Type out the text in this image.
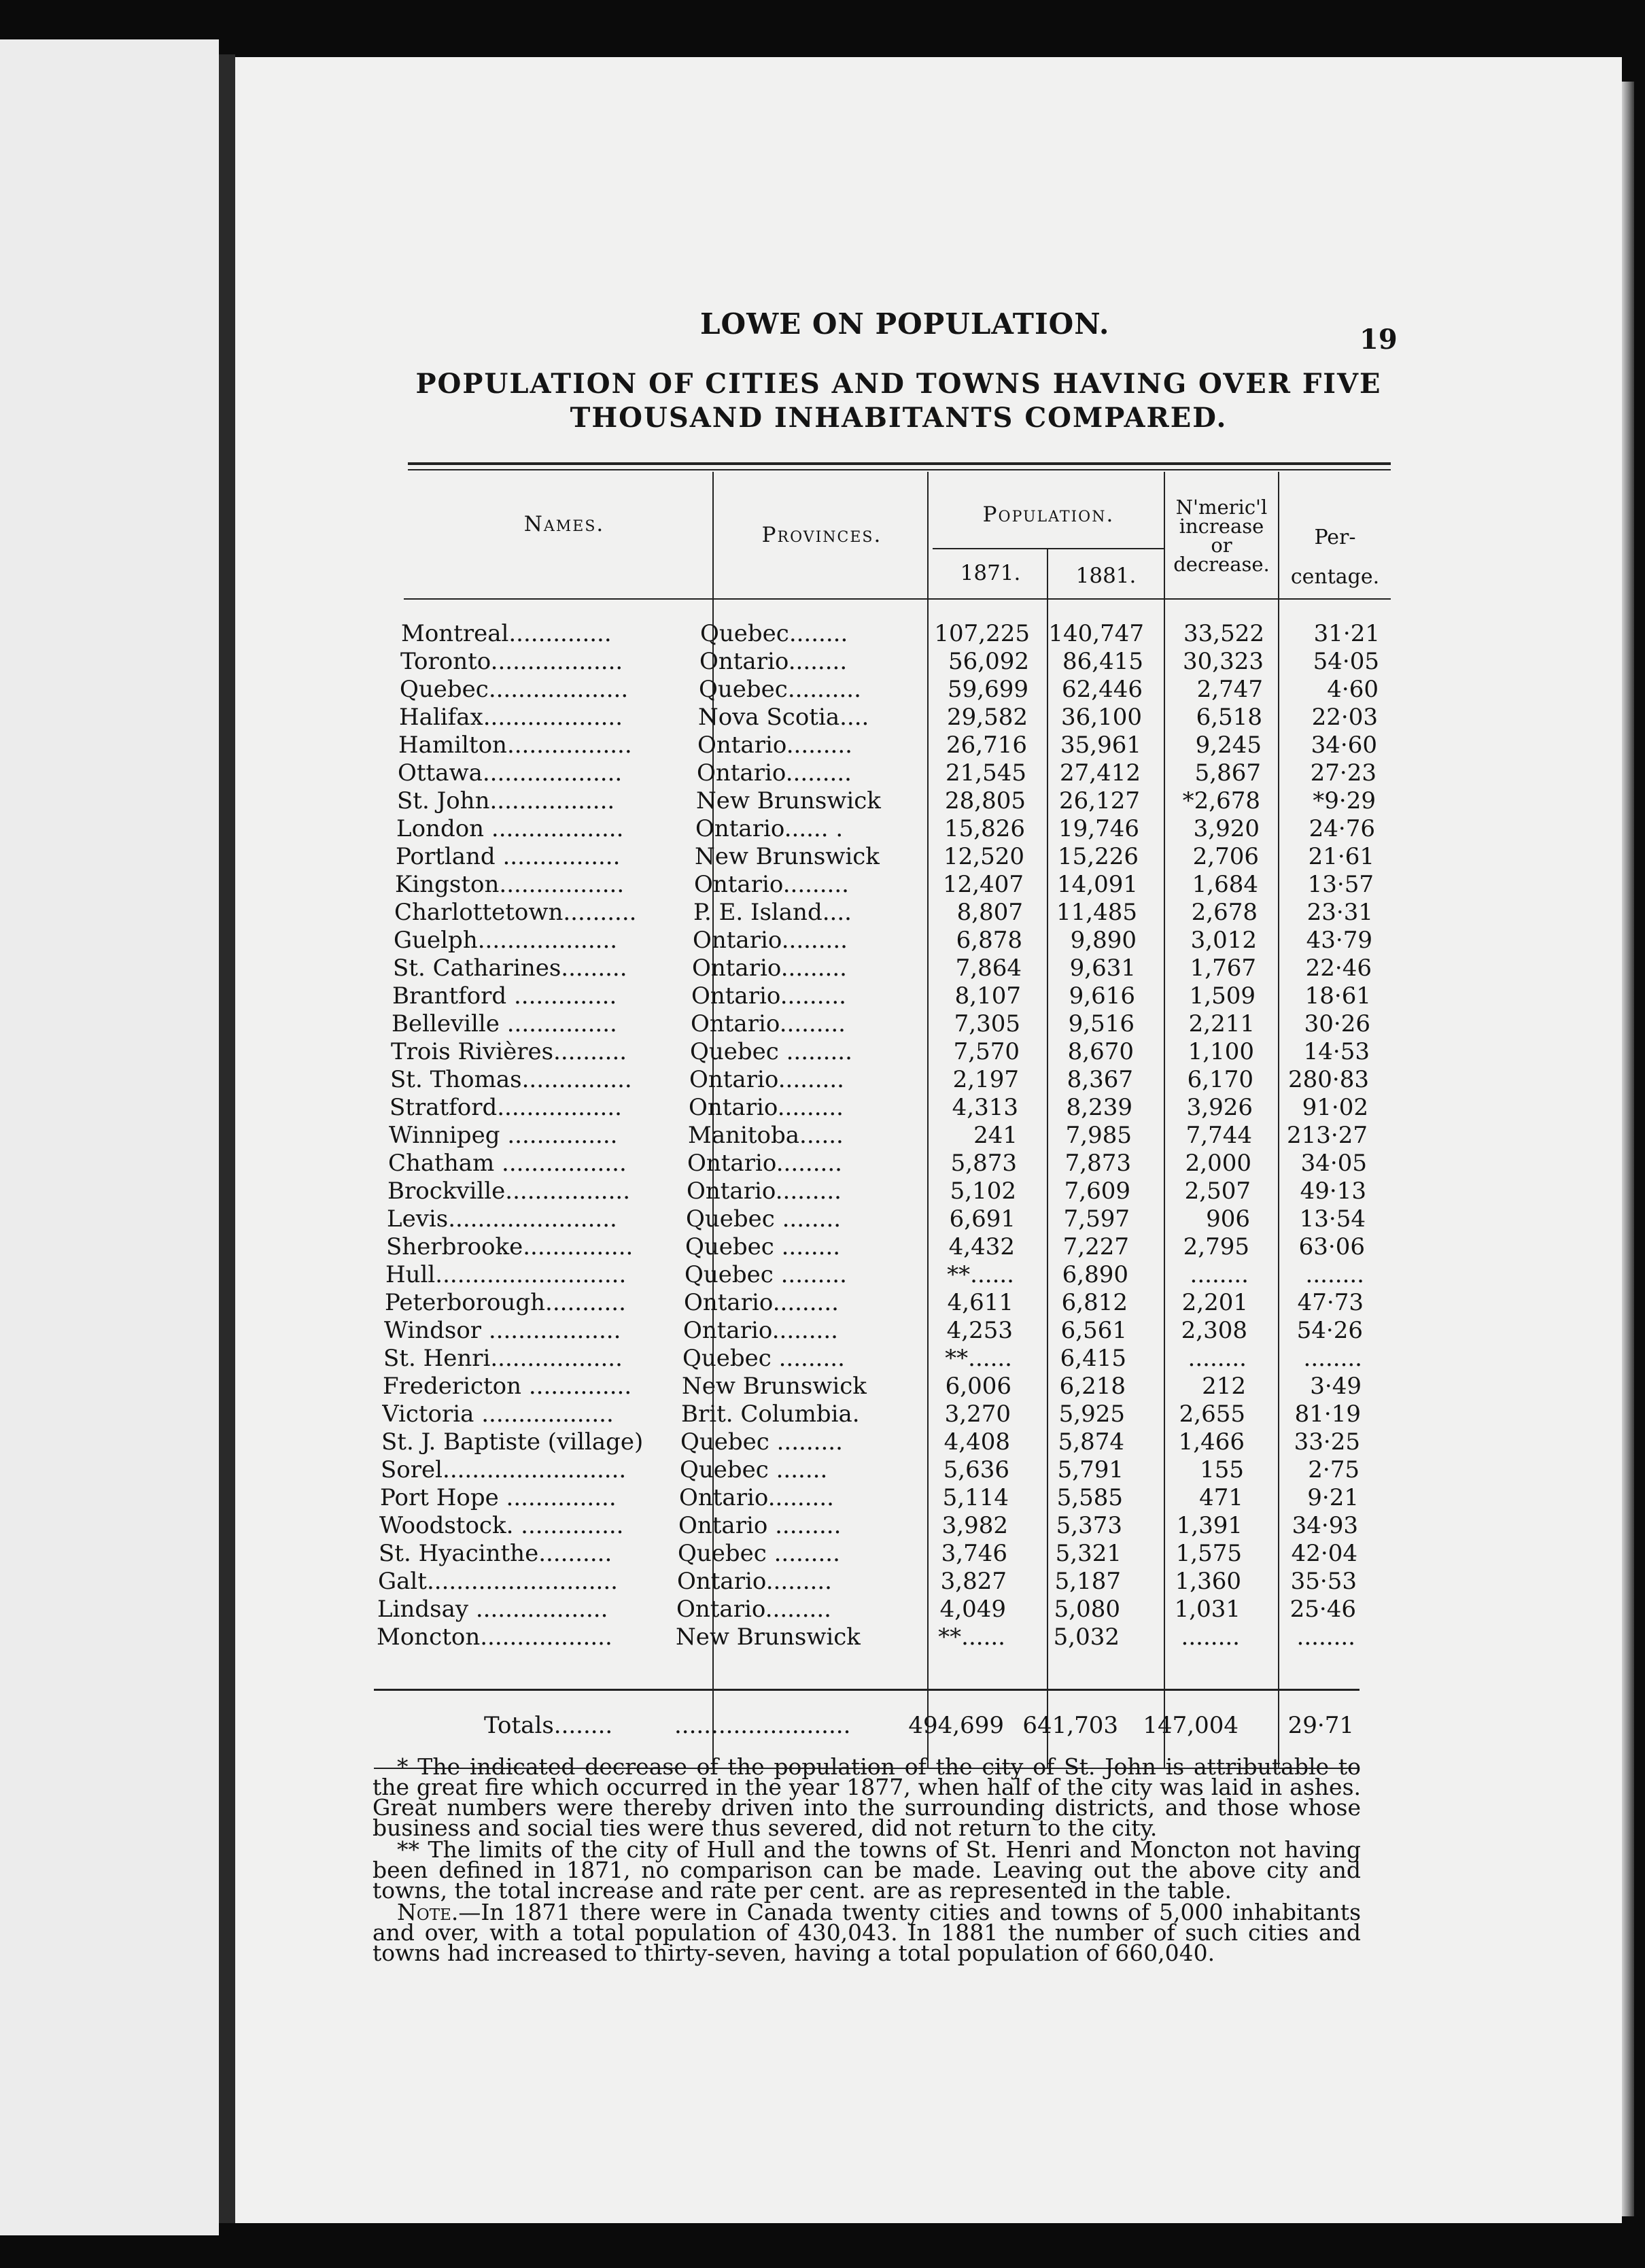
LOWE ON POPULATION.	19
POPULATION OF CITIES AND TOWNS HAVING OVER FIVE
THOUSAND INHABITANTS COMPARED.
Names.	Provinces.
Population.
1871.	1881.
N'meric'l
increase
or
decrease.
Per-
centage.
Montreal..............	Quebec........	107,225 140,747	33,522	31·21
Toronto..................	Ontario........	56,092	86,415	30,323	54·05
Quebec...................	Quebec..........	59,699	62,446	2,747	4·60
Halifax...................	Nova Scotia....	29,582	36,100	6,518	22·03
Hamilton.................	Ontario.........	26,716	35,961	9,245	34·60
Ottawa...................	Ontario.........	21,545	27,412	5,867	27·23
St. John.................	New Brunswick	28,805	26,127	*2,678	*9·29
London ..................	Ontario...... .	15,826	19,746	3,920	24·76
Portland ................	New Brunswick	12,520	15,226	2,706	21·61
Kingston.................	Ontario.........	12,407	14,091	1,684	13·57
Charlottetown..........	P. E. Island....	8,807	11,485	2,678	23·31
Guelph...................	Ontario.........	6,878	9,890	3,012	43·79
St. Catharines.........	Ontario.........	7,864	9,631	1,767	22·46
Brantford ..............	Ontario.........	8,107	9,616	1,509	18·61
Belleville ...............	Ontario.........	7,305	9,516	2,211	30·26
Trois Rivières..........	Quebec .........	7,570	8,670	1,100	14·53
St. Thomas...............	Ontario.........	2,197	8,367	6,170	280·83
Stratford.................	Ontario.........	4,313	8,239	3,926	91·02
Winnipeg ...............	Manitoba......	241	7,985	7,744	213·27
Chatham .................	Ontario.........	5,873	7,873	2,000	34·05
Brockville.................	Ontario.........	5,102	7,609	2,507	49·13
Levis.......................	Quebec ........	6,691	7,597	906	13·54
Sherbrooke...............	Quebec ........	4,432	7,227	2,795	63·06
Hull..........................	Quebec .........	**......	6,890	........	........
Peterborough...........	Ontario.........	4,611	6,812	2,201	47·73
Windsor ..................	Ontario.........	4,253	6,561	2,308	54·26
St. Henri..................	Quebec .........	**......	6,415	........	........
Fredericton ..............	New Brunswick	6,006	6,218	212	3·49
Victoria ..................	Brit. Columbia.	3,270	5,925	2,655	81·19
St. J. Baptiste (village)	Quebec .........	4,408	5,874	1,466	33·25
Sorel.........................	Quebec .......	5,636	5,791	155	2·75
Port Hope ...............	Ontario.........	5,114	5,585	471	9·21
Woodstock. ..............	Ontario .........	3,982	5,373	1,391	34·93
St. Hyacinthe..........	Quebec .........	3,746	5,321	1,575	42·04
Galt..........................	Ontario.........	3,827	5,187	1,360	35·53
Lindsay ..................	Ontario.........	4,049	5,080	1,031	25·46
Moncton..................	New Brunswick	**......	5,032	........	........
Totals........	........................	494,699 641,703	147,004	29·71

* The indicated decrease of the population of the city of St. John is attributable to the great fire which occurred in the year 1877, when half of the city was laid in ashes. Great numbers were thereby driven into the surrounding districts, and those whose business and social ties were thus severed, did not return to the city.

** The limits of the city of Hull and the towns of St. Henri and Moncton not having been defined in 1871, no comparison can be made. Leaving out the above city and towns, the total increase and rate per cent. are as represented in the table.

Note.—In 1871 there were in Canada twenty cities and towns of 5,000 inhabitants and over, with a total population of 430,043. In 1881 the number of such cities and towns had increased to thirty-seven, having a total population of 660,040.
